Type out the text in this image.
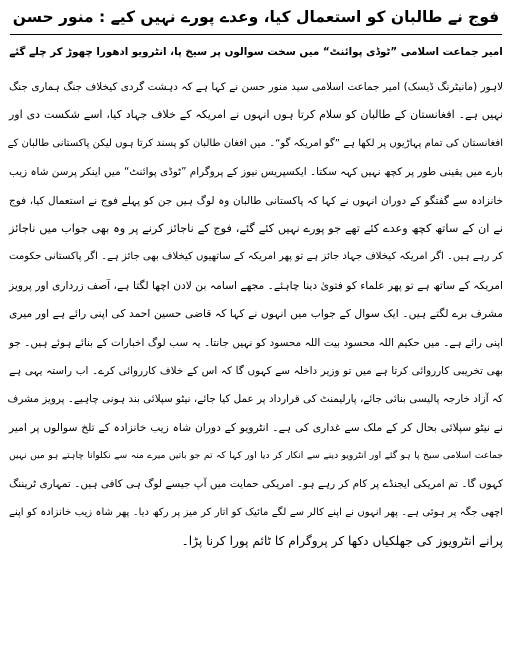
فوج نے طالبان کو استعمال کیا، وعدے پورے نہیں کیے : منور حسن
امیر جماعت اسلامی ”ٹوڈی پوائنٹ“ میں سخت سوالوں پر سیخ پا، انٹرویو ادھورا چھوڑ کر چلے گئے
لاہور (مانیٹرنگ ڈیسک) امیر جماعت اسلامی سید منور حسن نے کہا ہے کہ دہشت گردی کیخلاف جنگ ہماری جنگ
نہیں ہے۔ افغانستان کے طالبان کو سلام کرتا ہوں انہوں نے امریکہ کے خلاف جہاد کیا، اسے شکست دی اور
افغانستان کی تمام پہاڑیوں پر لکھا ہے ”گو امریکہ گو“۔ میں افغان طالبان کو پسند کرتا ہوں لیکن پاکستانی طالبان کے
بارے میں یقینی طور پر کچھ نہیں کہہ سکتا۔ ایکسپریس نیوز کے پروگرام ”ٹوڈی پوائنٹ“ میں اینکر پرسن شاہ زیب
خانزادہ سے گفتگو کے دوران انہوں نے کہا کہ پاکستانی طالبان وہ لوگ ہیں جن کو پہلے فوج نے استعمال کیا، فوج
نے ان کے ساتھ کچھ وعدے کئے تھے جو پورے نہیں کئے گئے، فوج کے ناجائز کرنے پر وہ بھی جواب میں ناجائز
کر رہے ہیں۔ اگر امریکہ کیخلاف جہاد جائز ہے تو پھر امریکہ کے ساتھیوں کیخلاف بھی جائز ہے۔ اگر پاکستانی حکومت
امریکہ کے ساتھ ہے تو پھر علماء کو فتویٰ دینا چاہئے۔ مجھے اسامہ بن لادن اچھا لگتا ہے، آصف زرداری اور پرویز
مشرف برے لگتے ہیں۔ ایک سوال کے جواب میں انہوں نے کہا کہ قاضی حسین احمد کی اپنی رائے ہے اور میری
اپنی رائے ہے۔ میں حکیم اللہ محسود بیت اللہ محسود کو نہیں جانتا۔ یہ سب لوگ اخبارات کے بنائے ہوئے ہیں۔ جو
بھی تخریبی کارروائی کرتا ہے میں تو وزیر داخلہ سے کہوں گا کہ اس کے خلاف کارروائی کرے۔ اب راستہ یہی ہے
کہ آزاد خارجہ پالیسی بنائی جائے، پارلیمنٹ کی قرارداد پر عمل کیا جائے، نیٹو سپلائی بند ہونی چاہیے۔ پرویز مشرف
نے نیٹو سپلائی بحال کر کے ملک سے غداری کی ہے۔ انٹرویو کے دوران شاہ زیب خانزادہ کے تلخ سوالوں پر امیر
جماعت اسلامی سیخ پا ہو گئے اور انٹرویو دینے سے انکار کر دیا اور کہا کہ تم جو باتیں میرے منہ سے نکلوانا چاہتے ہو میں نہیں
کہوں گا۔ تم امریکی ایجنڈے پر کام کر رہے ہو۔ امریکی حمایت میں آپ جیسے لوگ ہی کافی ہیں۔ تمہاری ٹریننگ
اچھی جگہ پر ہوئی ہے۔ پھر انہوں نے اپنے کالر سے لگے مائیک کو اتار کر میز پر رکھ دیا۔ پھر شاہ زیب خانزادہ کو اپنے
پرانے انٹرویوز کی جھلکیاں دکھا کر پروگرام کا ٹائم پورا کرنا پڑا۔
